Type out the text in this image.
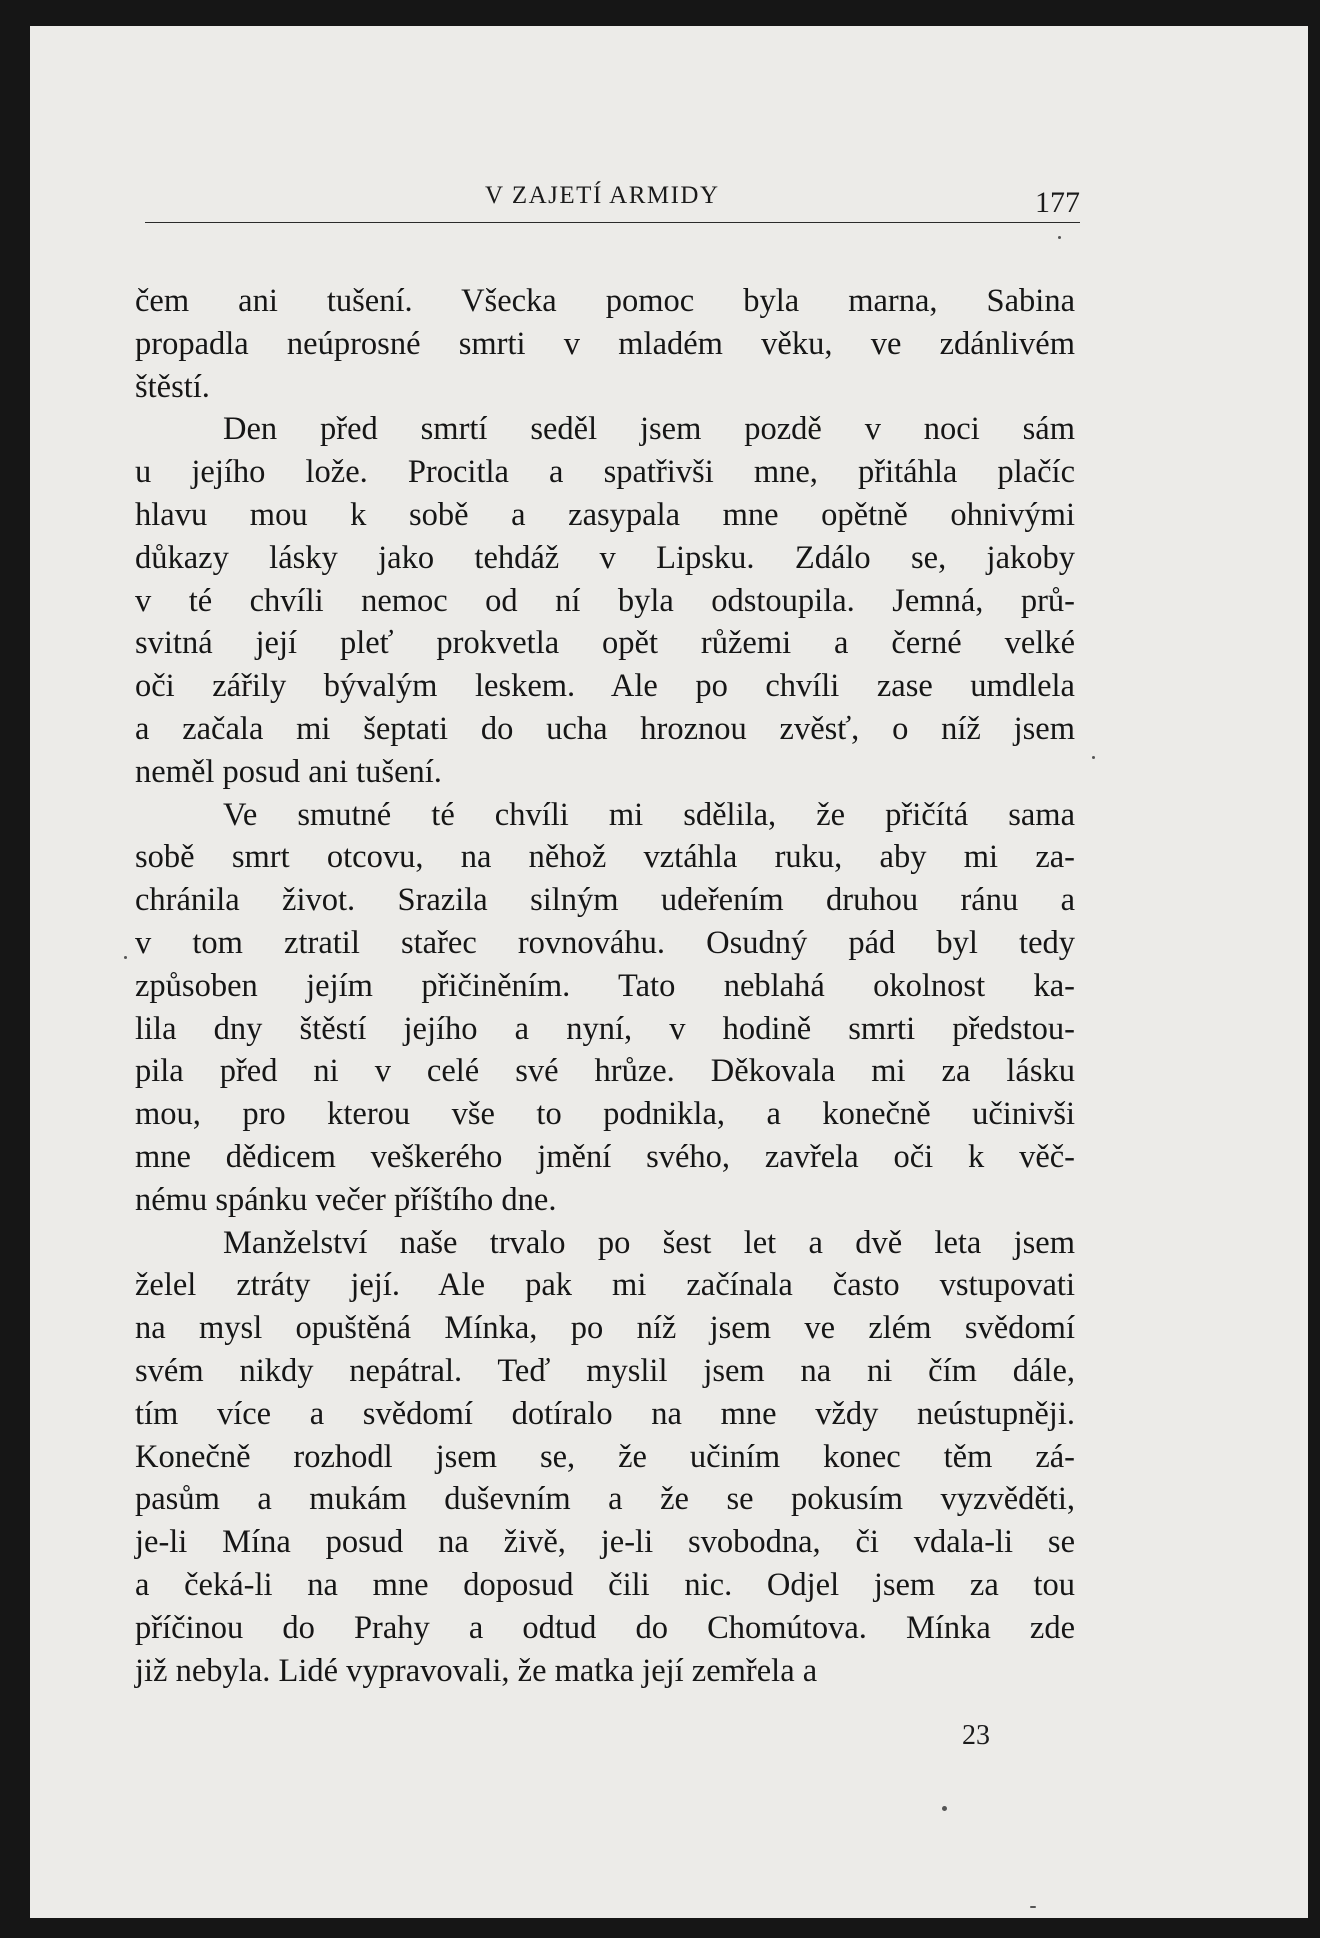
V ZAJETÍ ARMIDY	177
čem ani tušení. Všecka pomoc byla marna, Sabina
propadla neúprosné smrti v mladém věku, ve zdánlivém
štěstí.
Den před smrtí seděl jsem pozdě v noci sám
u jejího lože. Procitla a spatřivši mne, přitáhla plačíc
hlavu mou k sobě a zasypala mne opětně ohnivými
důkazy lásky jako tehdáž v Lipsku. Zdálo se, jakoby
v té chvíli nemoc od ní byla odstoupila. Jemná, prů-
svitná její pleť prokvetla opět růžemi a černé velké
oči zářily bývalým leskem. Ale po chvíli zase umdlela
a začala mi šeptati do ucha hroznou zvěsť, o níž jsem
neměl posud ani tušení.
Ve smutné té chvíli mi sdělila, že přičítá sama
sobě smrt otcovu, na něhož vztáhla ruku, aby mi za-
chránila život. Srazila silným udeřením druhou ránu a
v tom ztratil stařec rovnováhu. Osudný pád byl tedy
způsoben jejím přičiněním. Tato neblahá okolnost ka-
lila dny štěstí jejího a nyní, v hodině smrti předstou-
pila před ni v celé své hrůze. Děkovala mi za lásku
mou, pro kterou vše to podnikla, a konečně učinivši
mne dědicem veškerého jmění svého, zavřela oči k věč-
nému spánku večer příštího dne.
Manželství naše trvalo po šest let a dvě leta jsem
želel ztráty její. Ale pak mi začínala často vstupovati
na mysl opuštěná Mínka, po níž jsem ve zlém svědomí
svém nikdy nepátral. Teď myslil jsem na ni čím dále,
tím více a svědomí dotíralo na mne vždy neústupněji.
Konečně rozhodl jsem se, že učiním konec těm zá-
pasům a mukám duševním a že se pokusím vyzvěděti,
je-li Mína posud na živě, je-li svobodna, či vdala-li se
a čeká-li na mne doposud čili nic. Odjel jsem za tou
příčinou do Prahy a odtud do Chomútova. Mínka zde
již nebyla. Lidé vypravovali, že matka její zemřela a
23
